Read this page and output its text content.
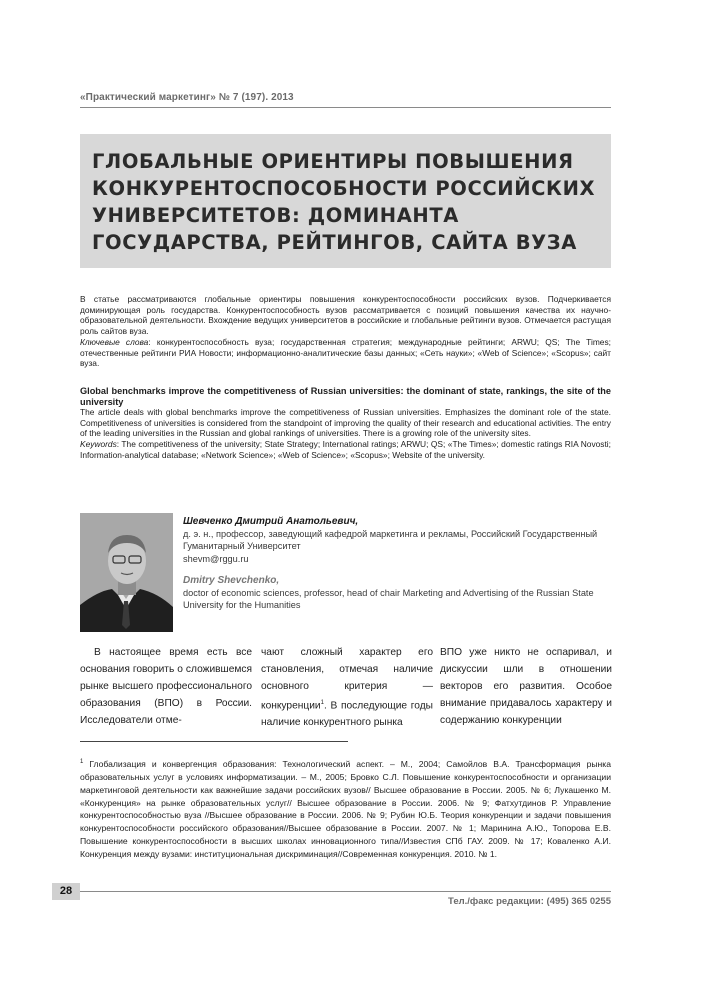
«Практический маркетинг» № 7 (197). 2013
ГЛОБАЛЬНЫЕ ОРИЕНТИРЫ ПОВЫШЕНИЯ КОНКУРЕНТОСПОСОБНОСТИ РОССИЙСКИХ УНИВЕРСИТЕТОВ: ДОМИНАНТА ГОСУДАРСТВА, РЕЙТИНГОВ, САЙТА ВУЗА

В статье рассматриваются глобальные ориентиры повышения конкурентоспособности российских вузов. Подчеркивается доминирующая роль государства. Конкурентоспособность вузов рассматривается с позиций повышения качества их научно-образовательной деятельности. Вхождение ведущих университетов в российские и глобальные рейтинги вузов. Отмечается растущая роль сайтов вуза.

Ключевые слова: конкурентоспособность вуза; государственная стратегия; международные рейтинги; ARWU; QS; The Times; отечественные рейтинги РИА Новости; информационно-аналитические базы данных; «Сеть науки»; «Web of Science»; «Scopus»; сайт вуза.

Global benchmarks improve the competitiveness of Russian universities: the dominant of state, rankings, the site of the university

The article deals with global benchmarks improve the competitiveness of Russian universities. Emphasizes the dominant role of the state. Competitiveness of universities is considered from the standpoint of improving the quality of their research and educational activities. The entry of the leading universities in the Russian and global rankings of universities. There is a growing role of the university sites.

Keywords: The competitiveness of the university; State Strategy; International ratings; ARWU; QS; «The Times»; domestic ratings RIA Novosti; Information-analytical database; «Network Science»; «Web of Science»; «Scopus»; Website of the university.

Шевченко Дмитрий Анатольевич,

д. э. н., профессор, заведующий кафедрой маркетинга и рекламы, Российский Государственный Гуманитарный Университет

shevm@rggu.ru

Dmitry Shevchenko,

doctor of economic sciences, professor, head of chair Marketing and Advertising of the Russian State University for the Humanities

В настоящее время есть все основания говорить о сложившемся рынке высшего профессионального образования (ВПО) в России. Исследователи отме-

чают сложный характер его становления, отмечая наличие основного критерия — конкуренции$^1$. В последующие годы наличие конкурентного рынка

ВПО уже никто не оспаривал, и дискуссии шли в отношении векторов его развития. Особое внимание придавалось характеру и содержанию конкуренции

$^1$ Глобализация и конвергенция образования: Технологический аспект. – М., 2004; Самойлов В.А. Трансформация рынка образовательных услуг в условиях информатизации. – М., 2005; Бровко С.Л. Повышение конкурентоспособности и организации маркетинговой деятельности как важнейшие задачи российских вузов// Высшее образование в России. 2005. № 6; Лукашенко М. «Конкуренция» на рынке образовательных услуг// Высшее образование в России. 2006. № 9; Фатхутдинов Р. Управление конкурентоспособностью вуза //Высшее образование в России. 2006. № 9; Рубин Ю.Б. Теория конкуренции и задачи повышения конкурентоспособности российского образования//Высшее образование в России. 2007. № 1; Маринина А.Ю., Топорова Е.В. Повышение конкурентоспособности в высших школах инновационного типа//Известия СПб ГАУ. 2009. № 17; Коваленко А.И. Конкуренция между вузами: институциональная дискриминация//Современная конкуренция. 2010. № 1.

28
Тел./факс редакции: (495) 365 0255
